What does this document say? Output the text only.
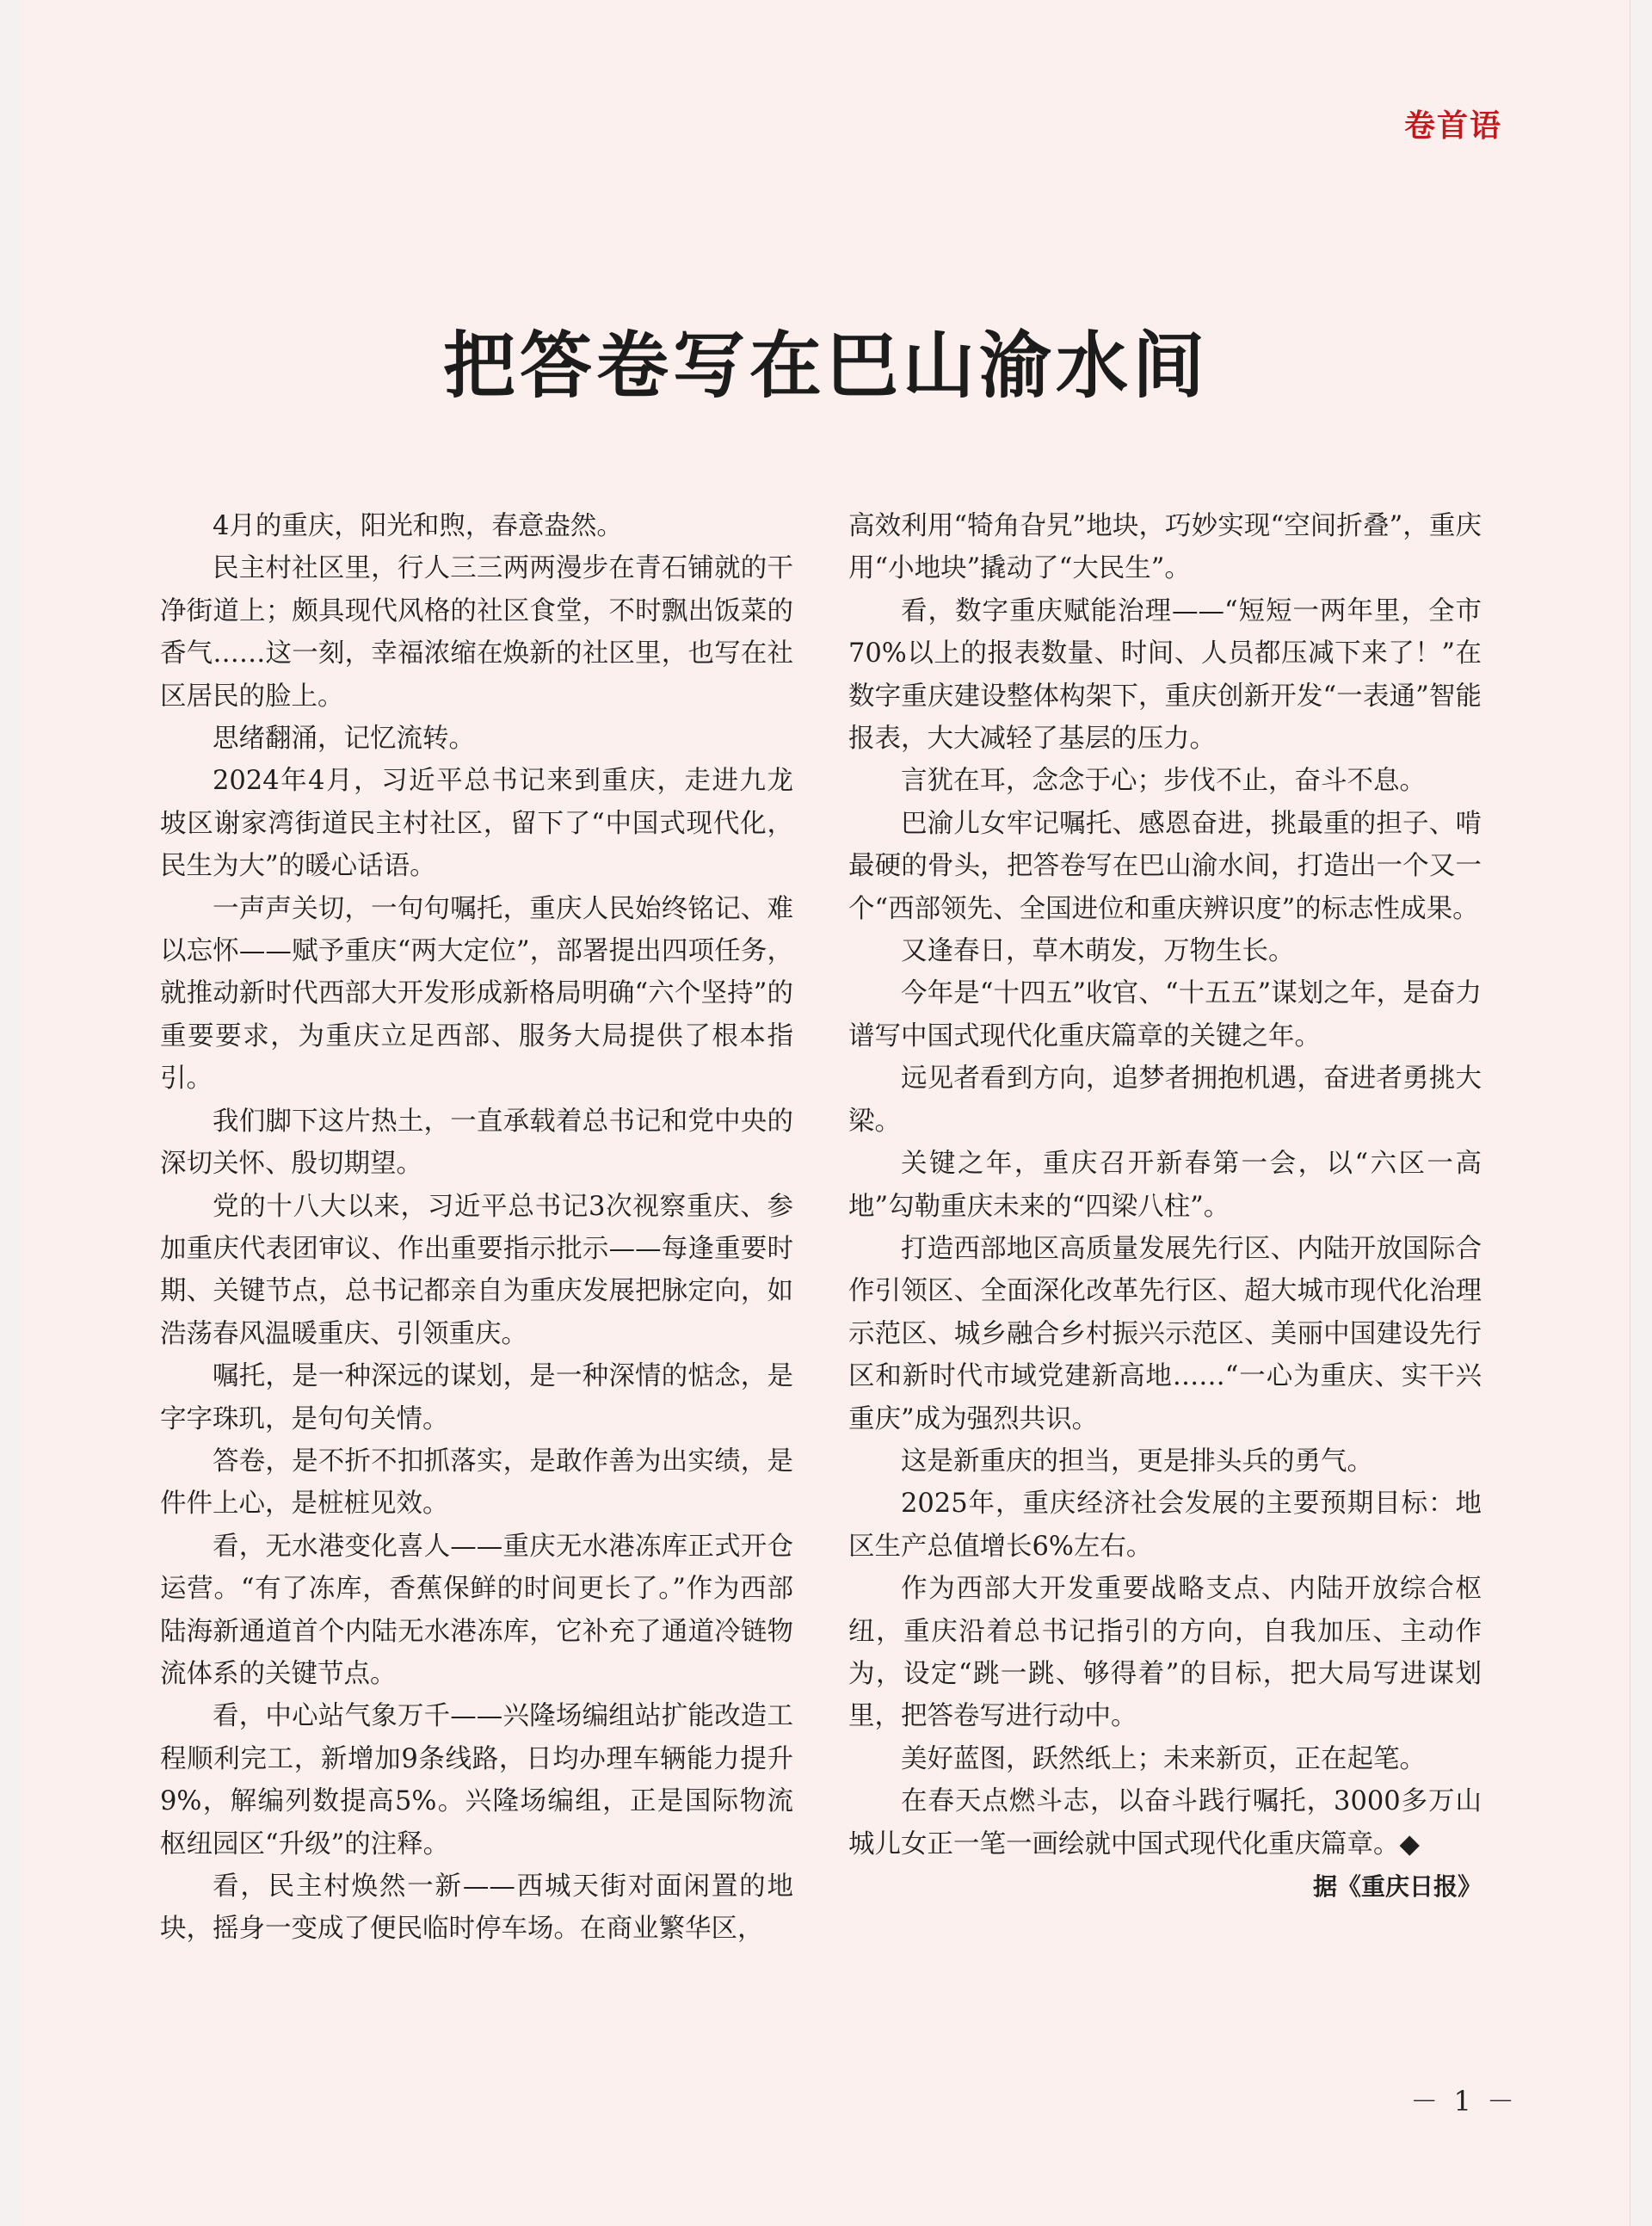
卷首语
把答卷写在巴山渝水间

4月的重庆，阳光和煦，春意盎然。

民主村社区里，行人三三两两漫步在青石铺就的干净街道上；颇具现代风格的社区食堂，不时飘出饭菜的香气……这一刻，幸福浓缩在焕新的社区里，也写在社区居民的脸上。

思绪翻涌，记忆流转。

2024年4月，习近平总书记来到重庆，走进九龙坡区谢家湾街道民主村社区，留下了“中国式现代化，民生为大”的暖心话语。

一声声关切，一句句嘱托，重庆人民始终铭记、难以忘怀——赋予重庆“两大定位”，部署提出四项任务，就推动新时代西部大开发形成新格局明确“六个坚持”的重要要求，为重庆立足西部、服务大局提供了根本指引。

我们脚下这片热土，一直承载着总书记和党中央的深切关怀、殷切期望。

党的十八大以来，习近平总书记3次视察重庆、参加重庆代表团审议、作出重要指示批示——每逢重要时期、关键节点，总书记都亲自为重庆发展把脉定向，如浩荡春风温暖重庆、引领重庆。

嘱托，是一种深远的谋划，是一种深情的惦念，是字字珠玑，是句句关情。

答卷，是不折不扣抓落实，是敢作善为出实绩，是件件上心，是桩桩见效。

看，无水港变化喜人——重庆无水港冻库正式开仓运营。“有了冻库，香蕉保鲜的时间更长了。”作为西部陆海新通道首个内陆无水港冻库，它补充了通道冷链物流体系的关键节点。

看，中心站气象万千——兴隆场编组站扩能改造工程顺利完工，新增加9条线路，日均办理车辆能力提升9%，解编列数提高5%。兴隆场编组，正是国际物流枢纽园区“升级”的注释。

看，民主村焕然一新——西城天街对面闲置的地块，摇身一变成了便民临时停车场。在商业繁华区，

高效利用“犄角旮旯”地块，巧妙实现“空间折叠”，重庆用“小地块”撬动了“大民生”。

看，数字重庆赋能治理——“短短一两年里，全市70%以上的报表数量、时间、人员都压减下来了！”在数字重庆建设整体构架下，重庆创新开发“一表通”智能报表，大大减轻了基层的压力。

言犹在耳，念念于心；步伐不止，奋斗不息。

巴渝儿女牢记嘱托、感恩奋进，挑最重的担子、啃最硬的骨头，把答卷写在巴山渝水间，打造出一个又一个“西部领先、全国进位和重庆辨识度”的标志性成果。

又逢春日，草木萌发，万物生长。

今年是“十四五”收官、“十五五”谋划之年，是奋力谱写中国式现代化重庆篇章的关键之年。

远见者看到方向，追梦者拥抱机遇，奋进者勇挑大梁。

关键之年，重庆召开新春第一会，以“六区一高地”勾勒重庆未来的“四梁八柱”。

打造西部地区高质量发展先行区、内陆开放国际合作引领区、全面深化改革先行区、超大城市现代化治理示范区、城乡融合乡村振兴示范区、美丽中国建设先行区和新时代市域党建新高地……“一心为重庆、实干兴重庆”成为强烈共识。

这是新重庆的担当，更是排头兵的勇气。

2025年，重庆经济社会发展的主要预期目标：地区生产总值增长6%左右。

作为西部大开发重要战略支点、内陆开放综合枢纽，重庆沿着总书记指引的方向，自我加压、主动作为，设定“跳一跳、够得着”的目标，把大局写进谋划里，把答卷写进行动中。

美好蓝图，跃然纸上；未来新页，正在起笔。

在春天点燃斗志，以奋斗践行嘱托，3000多万山城儿女正一笔一画绘就中国式现代化重庆篇章。◆

据《重庆日报》

－ 1 －
